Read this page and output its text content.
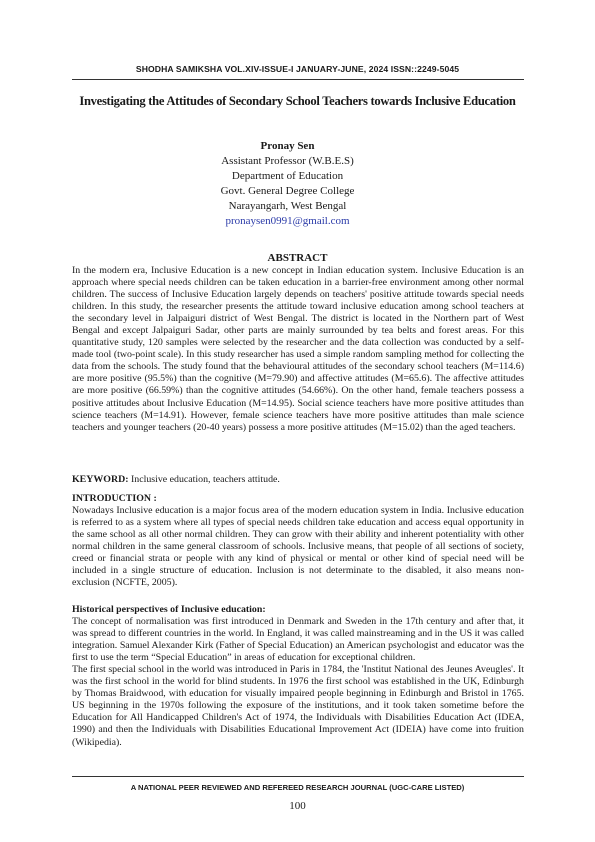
SHODHA SAMIKSHA VOL.XIV-ISSUE-I JANUARY-JUNE, 2024 ISSN::2249-5045
Investigating the Attitudes of Secondary School Teachers towards Inclusive Education
Pronay Sen
Assistant Professor (W.B.E.S)
Department of Education
Govt. General Degree College
Narayangarh, West Bengal
pronaysen0991@gmail.com
ABSTRACT

In the modern era, Inclusive Education is a new concept in Indian education system. Inclusive Education is an approach where special needs children can be taken education in a barrier-free environment among other normal children. The success of Inclusive Education largely depends on teachers' positive attitude towards special needs children. In this study, the researcher presents the attitude toward inclusive education among school teachers at the secondary level in Jalpaiguri district of West Bengal. The district is located in the Northern part of West Bengal and except Jalpaiguri Sadar, other parts are mainly surrounded by tea belts and forest areas. For this quantitative study, 120 samples were selected by the researcher and the data collection was conducted by a self-made tool (two-point scale). In this study researcher has used a simple random sampling method for collecting the data from the schools. The study found that the behavioural attitudes of the secondary school teachers (M=114.6) are more positive (95.5%) than the cognitive (M=79.90) and affective attitudes (M=65.6). The affective attitudes are more positive (66.59%) than the cognitive attitudes (54.66%). On the other hand, female teachers possess a positive attitudes about Inclusive Education (M=14.95). Social science teachers have more positive attitudes than science teachers (M=14.91). However, female science teachers have more positive attitudes than male science teachers and younger teachers (20-40 years) possess a more positive attitudes (M=15.02) than the aged teachers.

KEYWORD: Inclusive education, teachers attitude.

INTRODUCTION :

Nowadays Inclusive education is a major focus area of the modern education system in India. Inclusive education is referred to as a system where all types of special needs children take education and access equal opportunity in the same school as all other normal children. They can grow with their ability and inherent potentiality with other normal children in the same general classroom of schools. Inclusive means, that people of all sections of society, creed or financial strata or people with any kind of physical or mental or other kind of special need will be included in a single structure of education. Inclusion is not determinate to the disabled, it also means non-exclusion (NCFTE, 2005).

Historical perspectives of Inclusive education:

The concept of normalisation was first introduced in Denmark and Sweden in the 17th century and after that, it was spread to different countries in the world. In England, it was called mainstreaming and in the US it was called integration. Samuel Alexander Kirk (Father of Special Education) an American psychologist and educator was the first to use the term “Special Education” in areas of education for exceptional children.

The first special school in the world was introduced in Paris in 1784, the 'Institut National des Jeunes Aveugles'. It was the first school in the world for blind students. In 1976 the first school was established in the UK, Edinburgh by Thomas Braidwood, with education for visually impaired people beginning in Edinburgh and Bristol in 1765. US beginning in the 1970s following the exposure of the institutions, and it took taken sometime before the Education for All Handicapped Children's Act of 1974, the Individuals with Disabilities Education Act (IDEA, 1990) and then the Individuals with Disabilities Educational Improvement Act (IDEIA) have come into fruition (Wikipedia).

A NATIONAL PEER REVIEWED AND REFEREED RESEARCH JOURNAL (UGC-CARE LISTED)
100
